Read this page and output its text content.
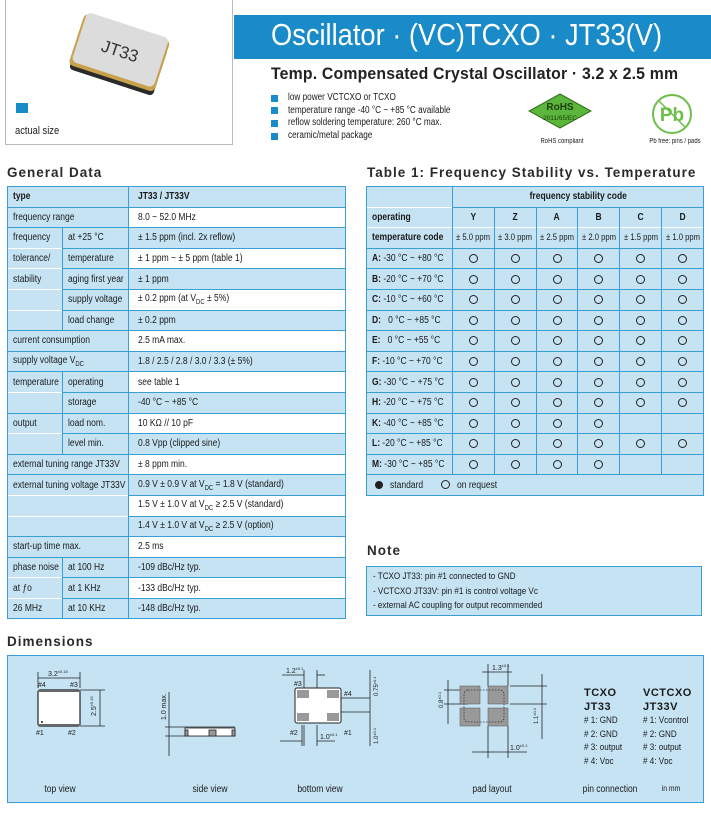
JT33
actual size
Oscillator · (VC)TCXO · JT33(V)
Temp. Compensated Crystal Oscillator · 3.2 x 2.5 mm
low power VCTCXO or TCXO
temperature range -40 °C ~ +85 °C available
reflow soldering temperature: 260 °C max.
ceramic/metal package
RoHS
2011/65/EC
RoHS compliant
Pb
Pb free: pins / pads
General Data
type	JT33 / JT33V
frequency range	8.0 ~ 52.0 MHz
frequency	at +25 °C	± 1.5 ppm (incl. 2x reflow)
tolerance/	temperature	± 1 ppm ~ ± 5 ppm (table 1)
stability	aging first year	± 1 ppm
	supply voltage	± 0.2 ppm (at $V_{DC} \pm 5\%$)
	load change	± 0.2 ppm
current consumption	2.5 mA max.
supply voltage $V_{DC}$	1.8 / 2.5 / 2.8 / 3.0 / 3.3 (± 5%)
temperature	operating	see table 1
	storage	-40 °C ~ +85 °C
output	load nom.	10 KΩ // 10 pF
	level min.	0.8 Vpp (clipped sine)
external tuning range JT33V	± 8 ppm min.
external tuning voltage JT33V	0.9 V ± 0.9 V at $V_{DC} = 1.8$ V (standard)
	1.5 V ± 1.0 V at $V_{DC} \ge 2.5$ V (standard)
	1.4 V ± 1.0 V at $V_{DC} \ge 2.5$ V (option)
start-up time max.	2.5 ms
phase noise	at 100 Hz	-109 dBc/Hz typ.
at ƒo	at 1 KHz	-133 dBc/Hz typ.
26 MHz	at 10 KHz	-148 dBc/Hz typ.
Table 1: Frequency Stability vs. Temperature
	frequency stability code
operating	Y	Z	A	B	C	D
temperature code	± 5.0 ppm	± 3.0 ppm	± 2.5 ppm	± 2.0 ppm	± 1.5 ppm	± 1.0 ppm
A: -30 °C ~ +80 °C						
B: -20 °C ~ +70 °C						
C: -10 °C ~ +60 °C						
D:   0 °C ~ +85 °C						
E:   0 °C ~ +55 °C						
F: -10 °C ~ +70 °C						
G: -30 °C ~ +75 °C						
H: -20 °C ~ +75 °C						
K: -40 °C ~ +85 °C						
L: -20 °C ~ +85 °C						
M: -30 °C ~ +85 °C						
standard	on request
Note
- TCXO JT33: pin #1 connected to GND
- VCTCXO JT33V: pin #1 is control voltage Vc
- external AC coupling for output recommended
Dimensions
$3.2^{\pm 0.15}$
$2.5^{\pm 0.15}$
#4	#3
#1	#2
top view
1.0 max.
side view
$1.2^{\pm 0.1}$
$1.0^{\pm 0.1}$
$0.75^{\pm 0.1}$
$1.0^{\pm 0.1}$
#3
#4
#2	#1
bottom view
$1.3^{\pm 0.1}$
$0.8^{\pm 0.1}$
$1.1^{\pm 0.1}$
$1.0^{\pm 0.1}$
pad layout
TCXO
JT33
# 1: GND
# 2: GND
# 3: output
# 4: Vᴅᴄ
VCTCXO
JT33V
# 1: Vcontrol
# 2: GND
# 3: output
# 4: Vᴅᴄ
pin connection	in mm
